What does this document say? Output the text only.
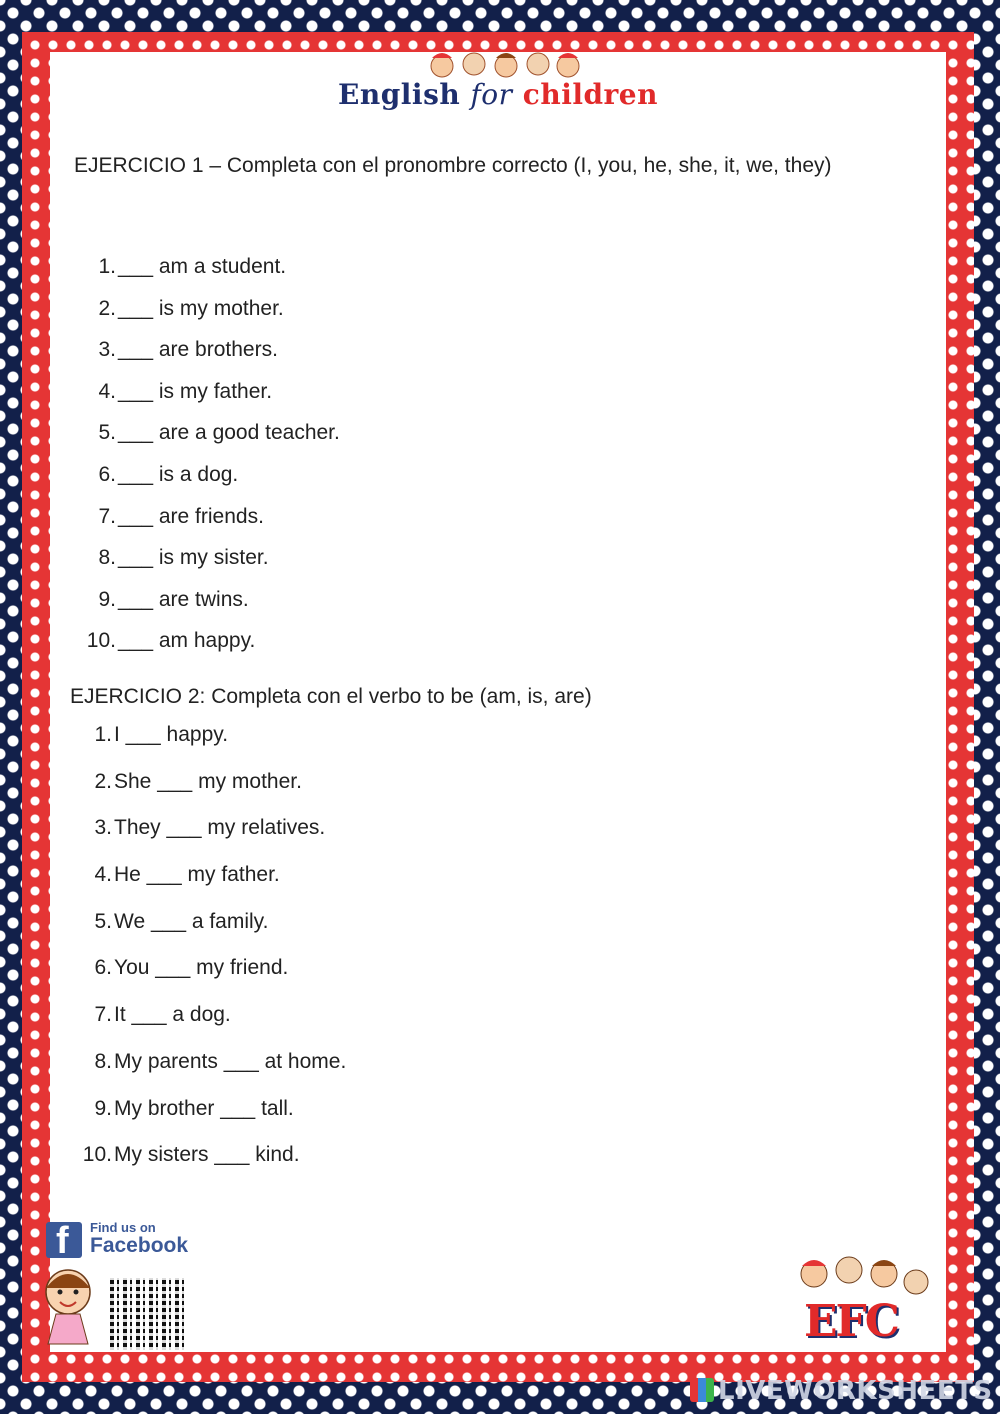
English for children
EJERCICIO 1 – Completa con el pronombre correcto (I, you, he, she, it, we, they)
1.___ am a student.
2.___ is my mother.
3.___ are brothers.
4.___ is my father.
5.___ are a good teacher.
6.___ is a dog.
7.___ are friends.
8.___ is my sister.
9.___ are twins.
10.___ am happy.
EJERCICIO 2: Completa con el verbo to be (am, is, are)
1.I ___ happy.
2.She ___ my mother.
3.They ___ my relatives.
4.He ___ my father.
5.We ___ a family.
6.You ___ my friend.
7.It ___ a dog.
8.My parents ___ at home.
9.My brother ___ tall.
10.My sisters ___ kind.
f Find us on
Facebook
EFC
LIVEWORKSHEETS
